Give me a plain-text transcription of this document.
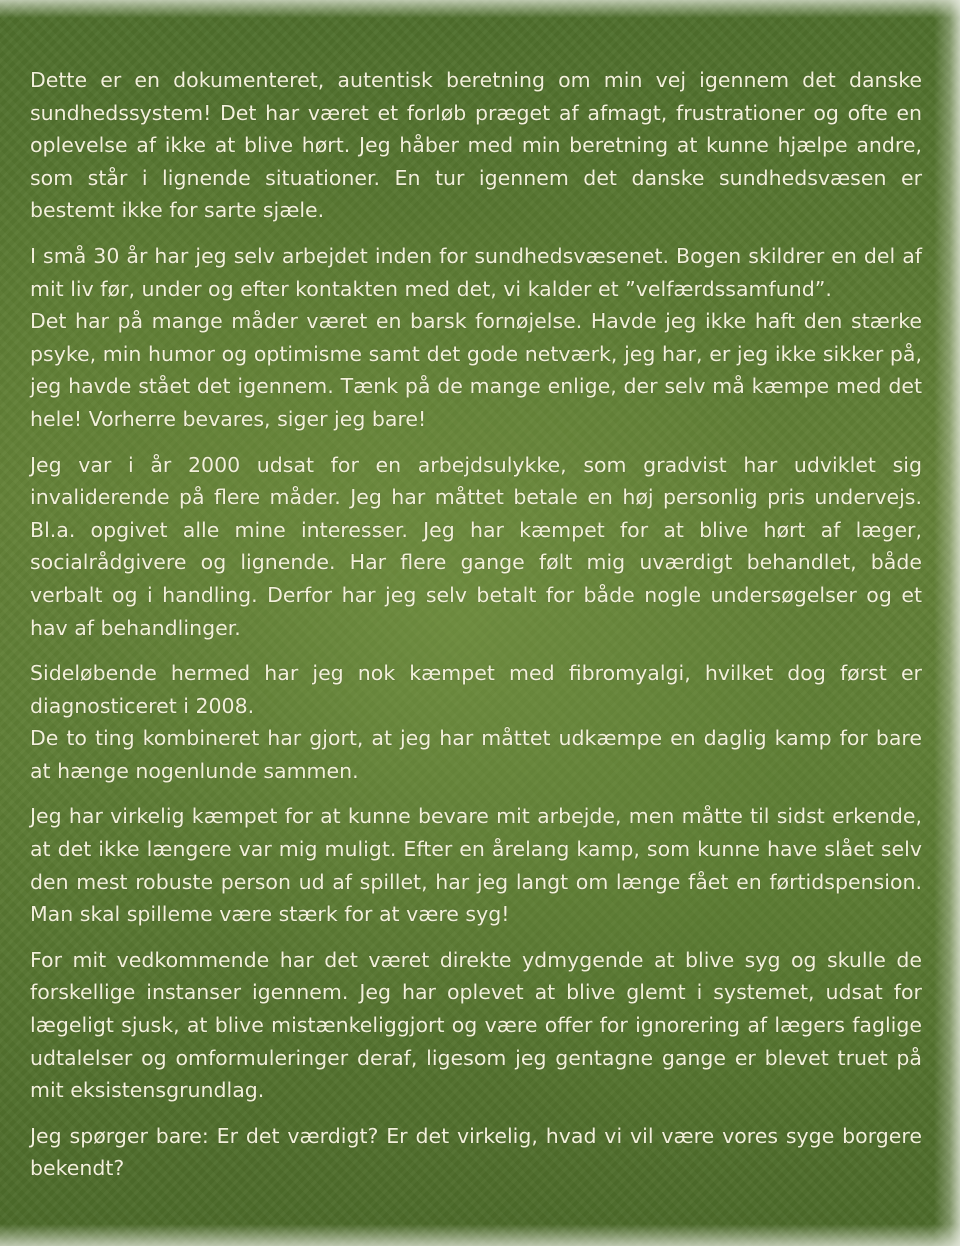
Dette er en dokumenteret, autentisk beretning om min vej igennem det danske sundhedssystem! Det har været et forløb præget af afmagt, frustrationer og ofte en oplevelse af ikke at blive hørt. Jeg håber med min beretning at kunne hjælpe andre, som står i lignende situationer. En tur igennem det danske sundhedsvæsen er bestemt ikke for sarte sjæle.

I små 30 år har jeg selv arbejdet inden for sundhedsvæsenet. Bogen skildrer en del af mit liv før, under og efter kontakten med det, vi kalder et ”velfærdssamfund”.

Det har på mange måder været en barsk fornøjelse. Havde jeg ikke haft den stærke psyke, min humor og optimisme samt det gode netværk, jeg har, er jeg ikke sikker på, jeg havde stået det igennem. Tænk på de mange enlige, der selv må kæmpe med det hele! Vorherre bevares, siger jeg bare!

Jeg var i år 2000 udsat for en arbejdsulykke, som gradvist har udviklet sig invaliderende på flere måder. Jeg har måttet betale en høj personlig pris undervejs. Bl.a. opgivet alle mine interesser. Jeg har kæmpet for at blive hørt af læger, socialrådgivere og lignende. Har flere gange følt mig uværdigt behandlet, både verbalt og i handling. Derfor har jeg selv betalt for både nogle undersøgelser og et hav af behandlinger.

Sideløbende hermed har jeg nok kæmpet med fibromyalgi, hvilket dog først er diagnosticeret i 2008.

De to ting kombineret har gjort, at jeg har måttet udkæmpe en daglig kamp for bare at hænge nogenlunde sammen.

Jeg har virkelig kæmpet for at kunne bevare mit arbejde, men måtte til sidst erkende, at det ikke længere var mig muligt. Efter en årelang kamp, som kunne have slået selv den mest robuste person ud af spillet, har jeg langt om længe fået en førtidspension. Man skal spilleme være stærk for at være syg!

For mit vedkommende har det været direkte ydmygende at blive syg og skulle de forskellige instanser igennem. Jeg har oplevet at blive glemt i systemet, udsat for lægeligt sjusk, at blive mistænkeliggjort og være offer for ignorering af lægers faglige udtalelser og omformuleringer deraf, ligesom jeg gentagne gange er blevet truet på mit eksistensgrundlag.

Jeg spørger bare: Er det værdigt? Er det virkelig, hvad vi vil være vores syge borgere bekendt?
